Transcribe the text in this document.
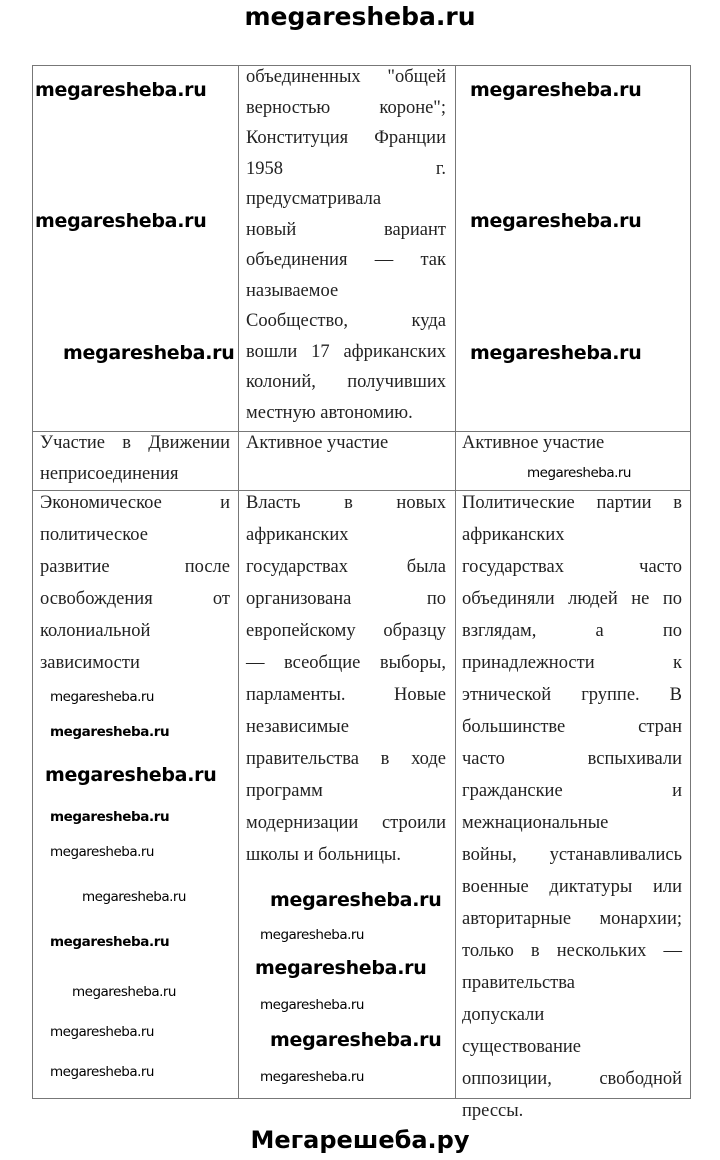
megaresheba.ru
объединенных "общей
верностью короне";
Конституция Франции
1958 г.
предусматривала
новый вариант
объединения — так
называемое
Сообщество, куда
вошли 17 африканских
колоний, получивших
местную автономию.
Участие в Движении
неприсоединения
Активное участие	Активное участие
Экономическое и
политическое
развитие после
освобождения от
колониальной
зависимости
Власть в новых
африканских
государствах была
организована по
европейскому образцу
— всеобщие выборы,
парламенты. Новые
независимые
правительства в ходе
программ
модернизации строили
школы и больницы.
Политические партии в
африканских
государствах часто
объединяли людей не по
взглядам, а по
принадлежности к
этнической группе. В
большинстве стран
часто вспыхивали
гражданские и
межнациональные
войны, устанавливались
военные диктатуры или
авторитарные монархии;
только в нескольких —
правительства
допускали
существование
оппозиции, свободной
прессы.
megaresheba.ru
megaresheba.ru
megaresheba.ru
megaresheba.ru
megaresheba.ru
megaresheba.ru
megaresheba.ru
megaresheba.ru
megaresheba.ru
megaresheba.ru
megaresheba.ru
megaresheba.ru
megaresheba.ru
megaresheba.ru
megaresheba.ru
megaresheba.ru
megaresheba.ru
megaresheba.ru
megaresheba.ru
megaresheba.ru
megaresheba.ru
megaresheba.ru
megaresheba.ru
Мегарешеба.ру
